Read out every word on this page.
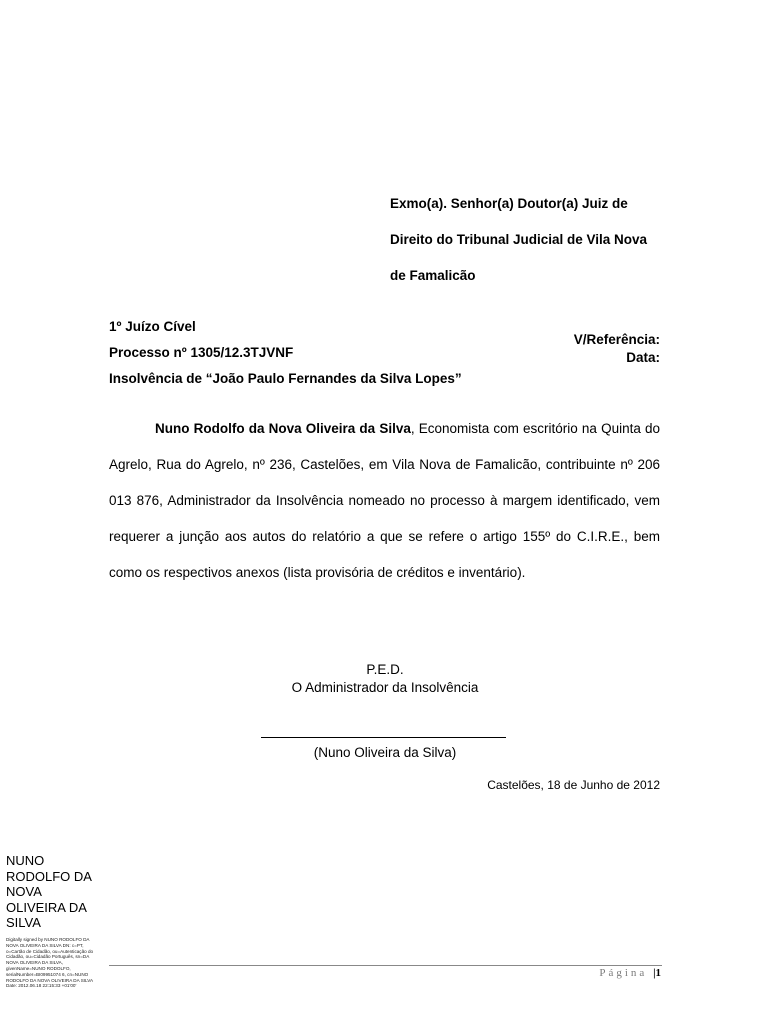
Exmo(a). Senhor(a) Doutor(a) Juiz de
Direito do Tribunal Judicial de Vila Nova
de Famalicão
1º Juízo Cível
Processo nº 1305/12.3TJVNF
Insolvência de “João Paulo Fernandes da Silva Lopes”
V/Referência:
Data:
Nuno Rodolfo da Nova Oliveira da Silva, Economista com escritório na Quinta do Agrelo, Rua do Agrelo, nº 236, Castelões, em Vila Nova de Famalicão, contribuinte nº 206 013 876, Administrador da Insolvência nomeado no processo à margem identificado, vem requerer a junção aos autos do relatório a que se refere o artigo 155º do C.I.R.E., bem como os respectivos anexos (lista provisória de créditos e inventário).
P.E.D.
O Administrador da Insolvência
(Nuno Oliveira da Silva)
Castelões, 18 de Junho de 2012
NUNO RODOLFO DA NOVA OLIVEIRA DA SILVA
Digitally signed by NUNO RODOLFO DA NOVA OLIVEIRA DA SILVA DN: c=PT, o=Cartão de Cidadão, ou=Autenticação do Cidadão, ou=Cidadão Português, sn=DA NOVA OLIVEIRA DA SILVA, givenName=NUNO RODOLFO, serialNumber=BI09951074 6, cn=NUNO RODOLFO DA NOVA OLIVEIRA DA SILVA Date: 2012.06.18 22:15:33 +01'00'
Página |1
